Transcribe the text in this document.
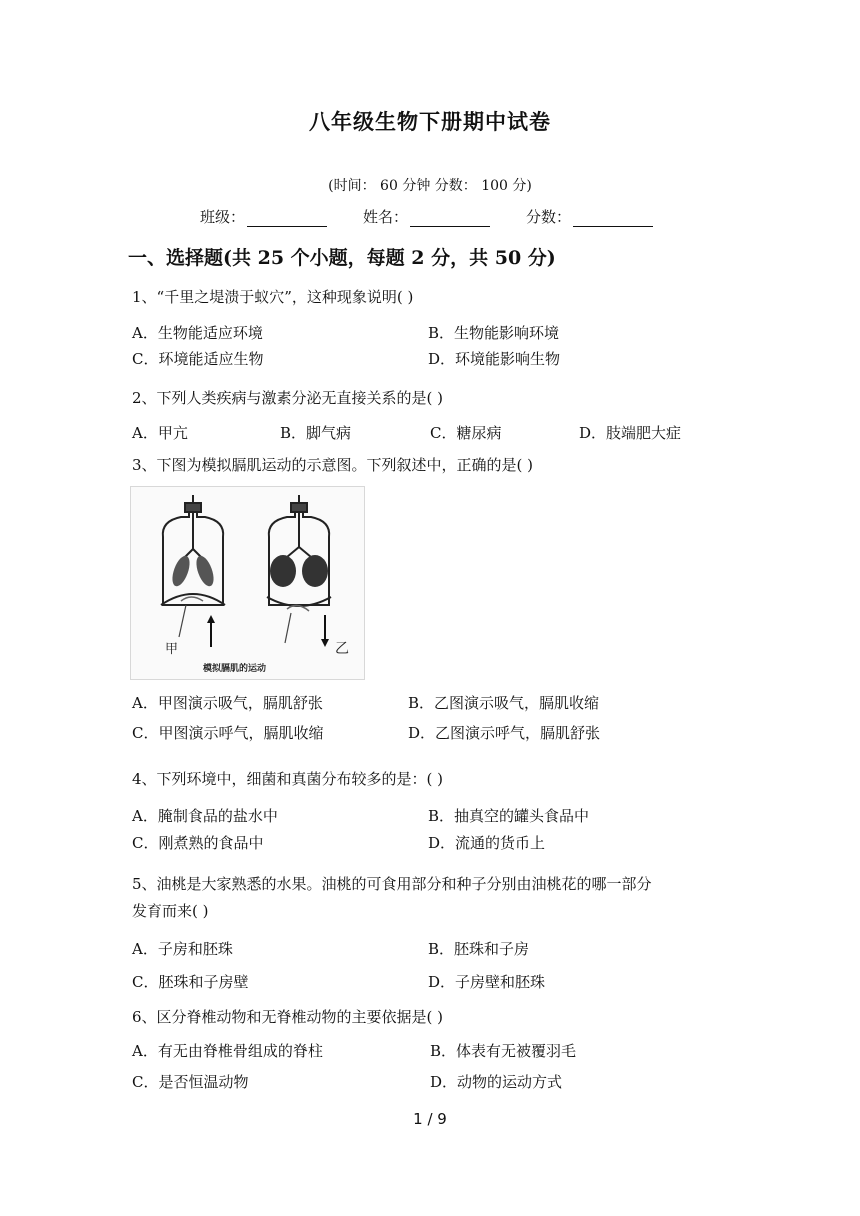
八年级生物下册期中试卷
(时间： 60 分钟 分数： 100 分)
班级：	姓名：	分数：
一、选择题(共 25 个小题，每题 2 分，共 50 分)
1、“千里之堤溃于蚁穴”，这种现象说明( )
A．生物能适应环境	B．生物能影响环境
C．环境能适应生物	D．环境能影响生物
2、下列人类疾病与激素分泌无直接关系的是( )
A．甲亢	B．脚气病	C．糖尿病	D．肢端肥大症
3、下图为模拟膈肌运动的示意图。下列叙述中，正确的是( )
甲	乙
模拟膈肌的运动
A．甲图演示吸气，膈肌舒张	B．乙图演示吸气，膈肌收缩
C．甲图演示呼气，膈肌收缩	D．乙图演示呼气，膈肌舒张
4、下列环境中，细菌和真菌分布较多的是：( )
A．腌制食品的盐水中	B．抽真空的罐头食品中
C．刚煮熟的食品中	D．流通的货币上
5、油桃是大家熟悉的水果。油桃的可食用部分和种子分别由油桃花的哪一部分
发育而来( )
A．子房和胚珠	B．胚珠和子房
C．胚珠和子房壁	D．子房壁和胚珠
6、区分脊椎动物和无脊椎动物的主要依据是( )
A．有无由脊椎骨组成的脊柱	B．体表有无被覆羽毛
C．是否恒温动物	D．动物的运动方式
1 / 9
